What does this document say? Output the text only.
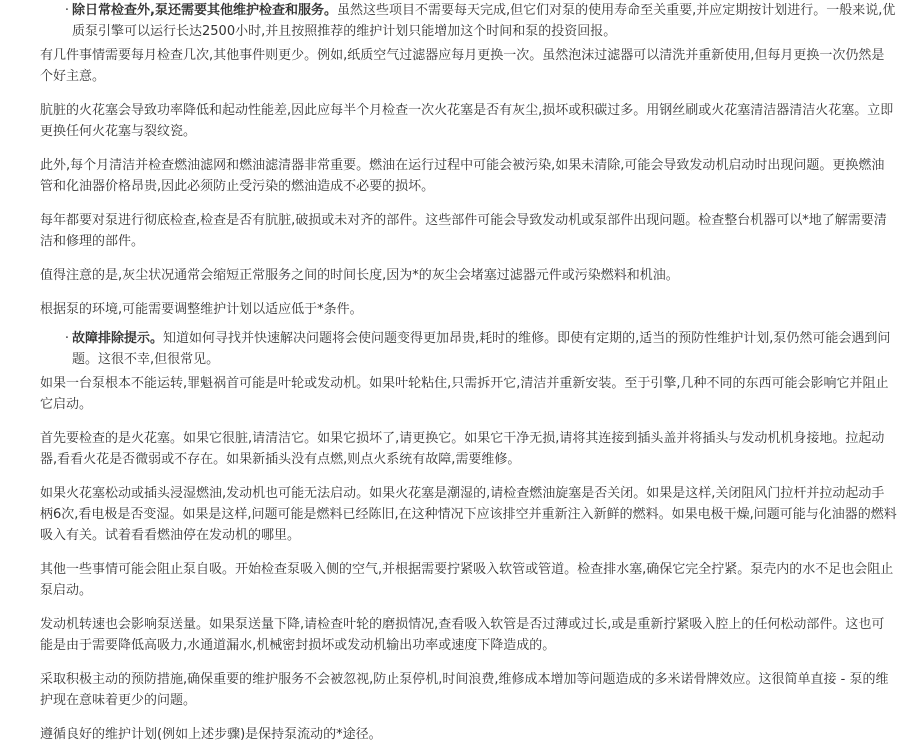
· 除日常检查外,泵还需要其他维护检查和服务。虽然这些项目不需要每天完成,但它们对泵的使用寿命至关重要,并应定期按计划进行。一般来说,优质泵引擎可以运行长达2500小时,并且按照推荐的维护计划只能增加这个时间和泵的投资回报。

有几件事情需要每月检查几次,其他事件则更少。例如,纸质空气过滤器应每月更换一次。虽然泡沫过滤器可以清洗并重新使用,但每月更换一次仍然是个好主意。

肮脏的火花塞会导致功率降低和起动性能差,因此应每半个月检查一次火花塞是否有灰尘,损坏或积碳过多。用钢丝刷或火花塞清洁器清洁火花塞。立即更换任何火花塞与裂纹瓷。

此外,每个月清洁并检查燃油滤网和燃油滤清器非常重要。燃油在运行过程中可能会被污染,如果未清除,可能会导致发动机启动时出现问题。更换燃油管和化油器价格昂贵,因此必须防止受污染的燃油造成不必要的损坏。

每年都要对泵进行彻底检查,检查是否有肮脏,破损或未对齐的部件。这些部件可能会导致发动机或泵部件出现问题。检查整台机器可以*地了解需要清洁和修理的部件。

值得注意的是,灰尘状况通常会缩短正常服务之间的时间长度,因为*的灰尘会堵塞过滤器元件或污染燃料和机油。

根据泵的环境,可能需要调整维护计划以适应低于*条件。

· 故障排除提示。知道如何寻找并快速解决问题将会使问题变得更加昂贵,耗时的维修。即使有定期的,适当的预防性维护计划,泵仍然可能会遇到问题。这很不幸,但很常见。

如果一台泵根本不能运转,罪魁祸首可能是叶轮或发动机。如果叶轮粘住,只需拆开它,清洁并重新安装。至于引擎,几种不同的东西可能会影响它并阻止它启动。

首先要检查的是火花塞。如果它很脏,请清洁它。如果它损坏了,请更换它。如果它干净无损,请将其连接到插头盖并将插头与发动机机身接地。拉起动器,看看火花是否微弱或不存在。如果新插头没有点燃,则点火系统有故障,需要维修。

如果火花塞松动或插头浸湿燃油,发动机也可能无法启动。如果火花塞是潮湿的,请检查燃油旋塞是否关闭。如果是这样,关闭阻风门拉杆并拉动起动手柄6次,看电极是否变湿。如果是这样,问题可能是燃料已经陈旧,在这种情况下应该排空并重新注入新鲜的燃料。如果电极干燥,问题可能与化油器的燃料吸入有关。试着看看燃油停在发动机的哪里。

其他一些事情可能会阻止泵自吸。开始检查泵吸入侧的空气,并根据需要拧紧吸入软管或管道。检查排水塞,确保它完全拧紧。泵壳内的水不足也会阻止泵启动。

发动机转速也会影响泵送量。如果泵送量下降,请检查叶轮的磨损情况,查看吸入软管是否过薄或过长,或是重新拧紧吸入腔上的任何松动部件。这也可能是由于需要降低高吸力,水通道漏水,机械密封损坏或发动机输出功率或速度下降造成的。

采取积极主动的预防措施,确保重要的维护服务不会被忽视,防止泵停机,时间浪费,维修成本增加等问题造成的多米诺骨牌效应。这很简单直接 - 泵的维护现在意味着更少的问题。

遵循良好的维护计划(例如上述步骤)是保持泵流动的*途径。
